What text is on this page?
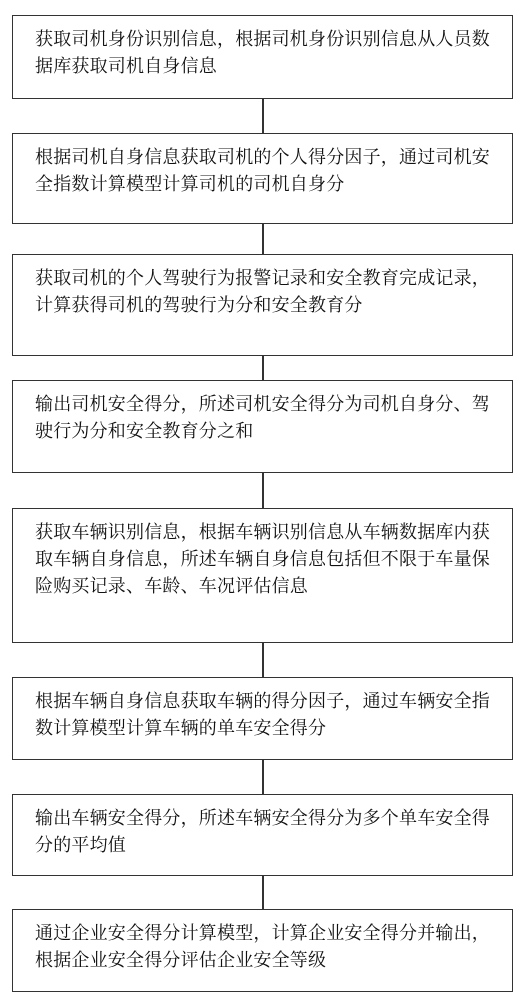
获取司机身份识别信息，根据司机身份识别信息从人员数据库获取司机自身信息
根据司机自身信息获取司机的个人得分因子，通过司机安全指数计算模型计算司机的司机自身分
获取司机的个人驾驶行为报警记录和安全教育完成记录，计算获得司机的驾驶行为分和安全教育分
输出司机安全得分，所述司机安全得分为司机自身分、驾驶行为分和安全教育分之和
获取车辆识别信息，根据车辆识别信息从车辆数据库内获取车辆自身信息，所述车辆自身信息包括但不限于车量保险购买记录、车龄、车况评估信息
根据车辆自身信息获取车辆的得分因子，通过车辆安全指数计算模型计算车辆的单车安全得分
输出车辆安全得分，所述车辆安全得分为多个单车安全得分的平均值
通过企业安全得分计算模型，计算企业安全得分并输出，根据企业安全得分评估企业安全等级
